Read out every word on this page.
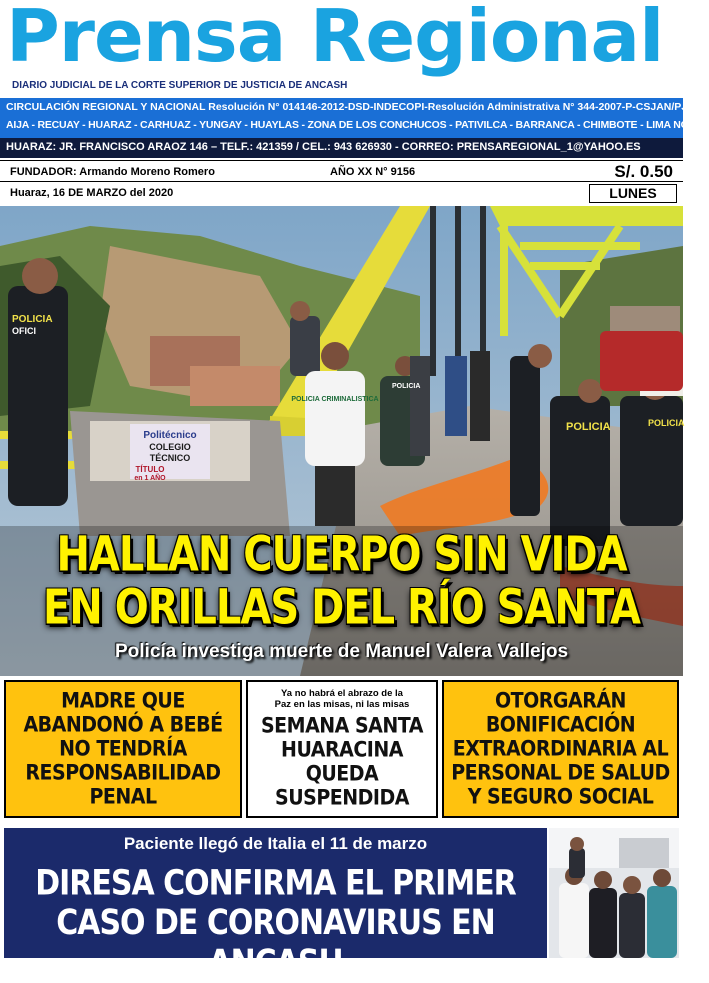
Prensa Regional
DIARIO JUDICIAL DE LA CORTE SUPERIOR DE JUSTICIA DE ANCASH
CIRCULACIÓN REGIONAL Y NACIONAL Resolución N° 014146-2012-DSD-INDECOPI-Resolución Administrativa N° 344-2007-P-CSJAN/PJ
AIJA - RECUAY - HUARAZ - CARHUAZ - YUNGAY - HUAYLAS - ZONA DE LOS CONCHUCOS - PATIVILCA - BARRANCA - CHIMBOTE - LIMA NORTE
HUARAZ: JR. FRANCISCO ARAOZ 146 – TELF.: 421359 / CEL.: 943 626930 - CORREO: PRENSAREGIONAL_1@YAHOO.ES
FUNDADOR: Armando Moreno Romero	AÑO XX N° 9156	S/. 0.50
Huaraz, 16 DE MARZO del 2020	LUNES
Politécnico
COLEGIO
TÉCNICO
TÍTULO
en 1 AÑO
POLICIA CRIMINALISTICA
POLICIA
OFICI
POLICIA
POLICIA	POLICIA
HALLAN CUERPO SIN VIDA
EN ORILLAS DEL RÍO SANTA
Policía investiga muerte de Manuel Valera Vallejos
MADRE QUE
ABANDONÓ A BEBÉ
NO TENDRÍA
RESPONSABILIDAD
PENAL
Ya no habrá el abrazo de la
Paz en las misas, ni las misas
SEMANA SANTA
HUARACINA
QUEDA
SUSPENDIDA
OTORGARÁN
BONIFICACIÓN
EXTRAORDINARIA AL
PERSONAL DE SALUD
Y SEGURO SOCIAL
Paciente llegó de Italia el 11 de marzo
DIRESA CONFIRMA EL PRIMER
CASO DE CORONAVIRUS EN ANCASH
